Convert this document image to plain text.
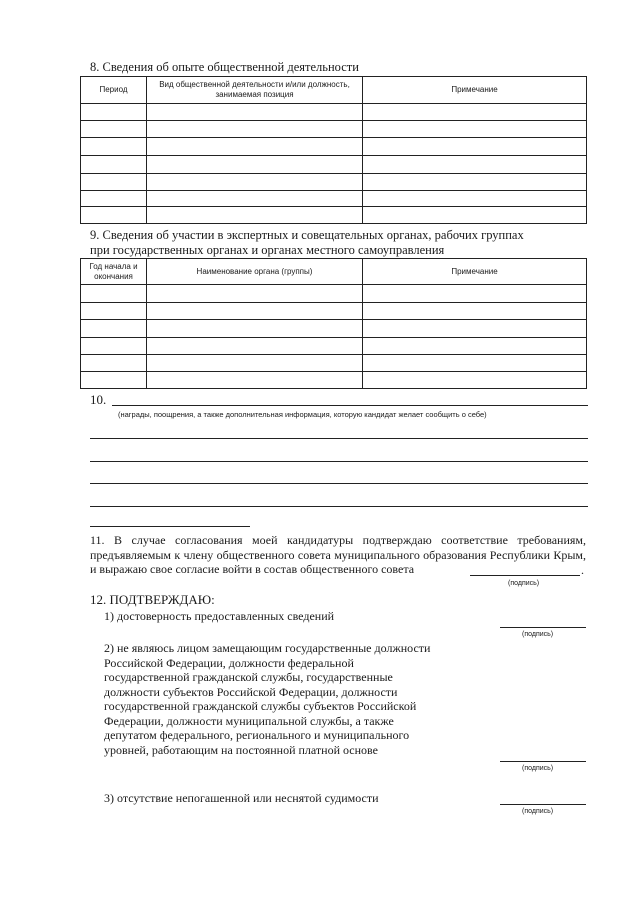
8. Сведения об опыте общественной деятельности
Период	Вид общественной деятельности и/или должность, занимаемая позиция	Примечание

9. Сведения об участии в экспертных и совещательных органах, рабочих группах
при государственных органах и органах местного самоуправления
Год начала и окончания	Наименование органа (группы)	Примечание

10.
(награды, поощрения, а также дополнительная информация, которую кандидат желает сообщить о себе)
11. В случае согласования моей кандидатуры подтверждаю соответствие требованиям, предъявляемым к члену общественного совета муниципального образования Республики Крым, и выражаю свое согласие войти в состав общественного совета	.
(подпись)
12. ПОДТВЕРЖДАЮ:
1) достоверность предоставленных сведений
(подпись)
2) не являюсь лицом замещающим государственные должности Российской Федерации, должности федеральной государственной гражданской службы, государственные должности субъектов Российской Федерации, должности государственной гражданской службы субъектов Российской Федерации, должности муниципальной службы, а также депутатом федерального, регионального и муниципального уровней, работающим на постоянной платной основе
(подпись)
3) отсутствие непогашенной или неснятой судимости
(подпись)
